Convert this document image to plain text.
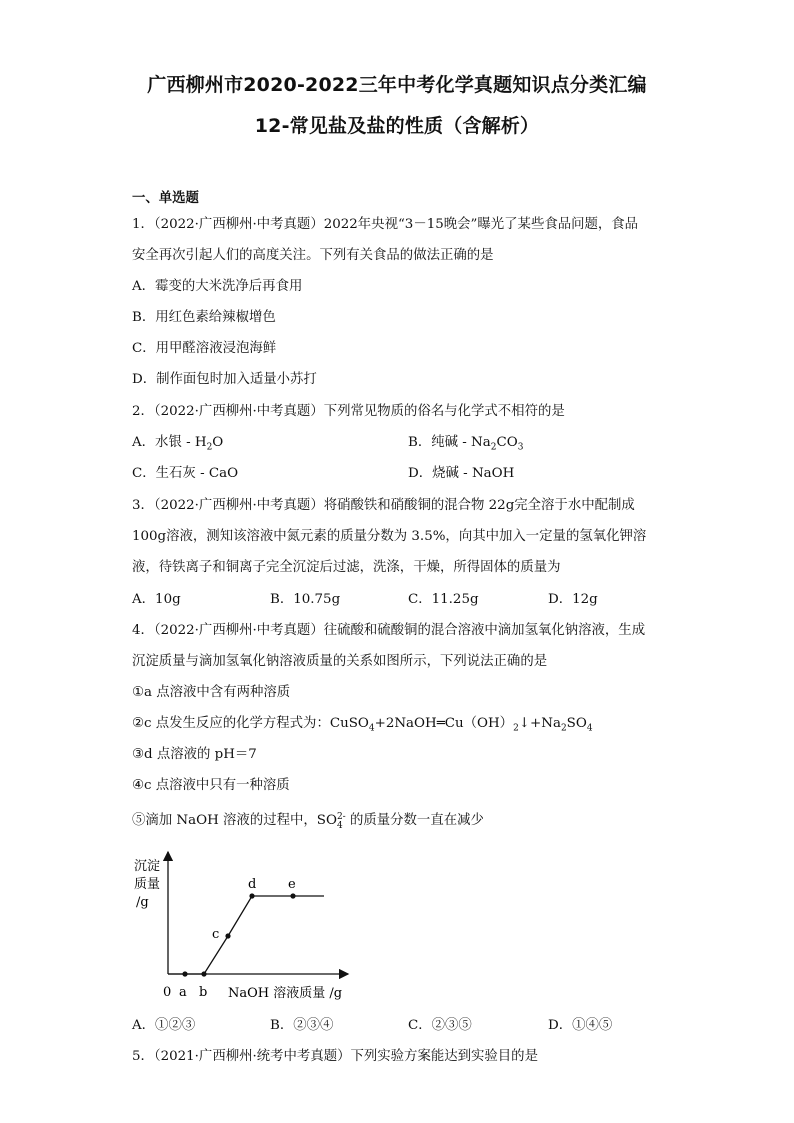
广西柳州市2020-2022三年中考化学真题知识点分类汇编
12-常见盐及盐的性质（含解析）
一、单选题
1．（2022·广西柳州·中考真题）2022年央视“3－15晚会”曝光了某些食品问题，食品
安全再次引起人们的高度关注。下列有关食品的做法正确的是
A．霉变的大米洗净后再食用
B．用红色素给辣椒增色
C．用甲醛溶液浸泡海鲜
D．制作面包时加入适量小苏打
2．（2022·广西柳州·中考真题）下列常见物质的俗名与化学式不相符的是
A．水银 - $H_2O$	B．纯碱 - $Na_2CO_3$
C．生石灰 - CaO	D．烧碱 - NaOH
3．（2022·广西柳州·中考真题）将硝酸铁和硝酸铜的混合物 22g完全溶于水中配制成
100g溶液，测知该溶液中氮元素的质量分数为 3.5%，向其中加入一定量的氢氧化钾溶
液，待铁离子和铜离子完全沉淀后过滤，洗涤，干燥，所得固体的质量为
A．10g	B．10.75g	C．11.25g	D．12g
4．（2022·广西柳州·中考真题）往硫酸和硫酸铜的混合溶液中滴加氢氧化钠溶液，生成
沉淀质量与滴加氢氧化钠溶液质量的关系如图所示，下列说法正确的是
①a 点溶液中含有两种溶质
②c 点发生反应的化学方程式为：$CuSO_4+2NaOH═Cu(OH)_2↓+Na_2SO_4$
③d 点溶液的 pH＝7
④c 点溶液中只有一种溶质
⑤滴加 NaOH 溶液的过程中，SO 2-
4 的质量分数一直在减少
沉淀
质量
/g
c
d e
0 a b NaOH 溶液质量 /g
A．①②③	B．②③④	C．②③⑤	D．①④⑤
5．（2021·广西柳州·统考中考真题）下列实验方案能达到实验目的是
